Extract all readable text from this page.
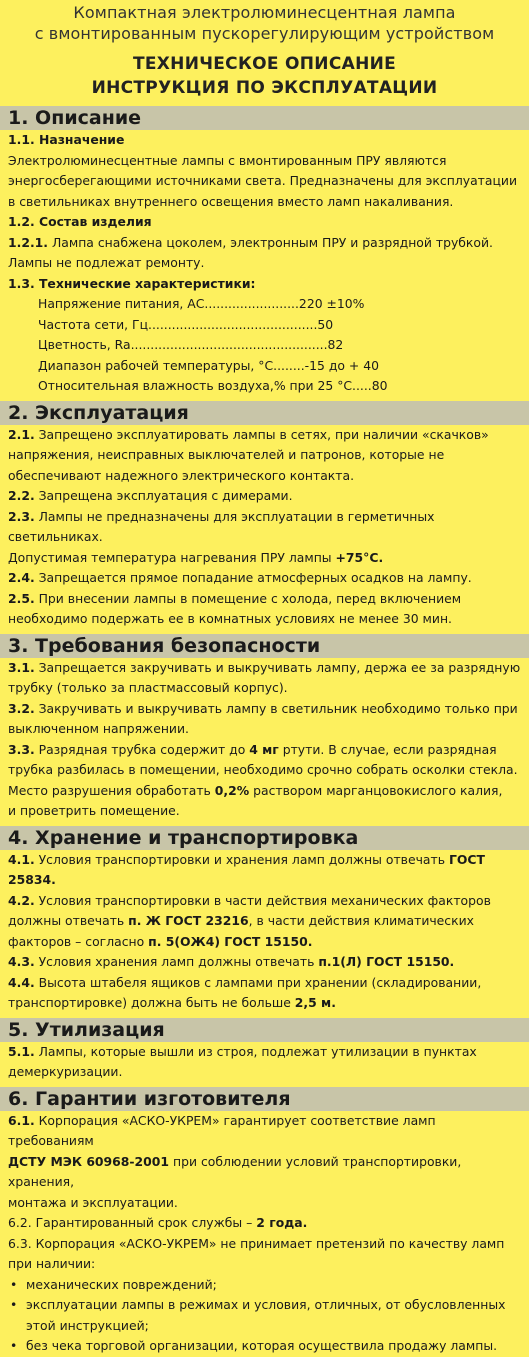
Компактная электролюминесцентная лампа
с вмонтированным пускорегулирующим устройством
ТЕХНИЧЕСКОЕ ОПИСАНИЕ
ИНСТРУКЦИЯ ПО ЭКСПЛУАТАЦИИ
1. Описание

1.1. Назначение

Электролюминесцентные лампы с вмонтированным ПРУ являются

энергосберегающими источниками света. Предназначены для эксплуатации

в светильниках внутреннего освещения вместо ламп накаливания.

1.2. Состав изделия

1.2.1. Лампа снабжена цоколем, электронным ПРУ и разрядной трубкой.

Лампы не подлежат ремонту.

1.3. Технические характеристики:

Напряжение питания, АС........................220 ±10%

Частота сети, Гц...........................................50

Цветность, Ra..................................................82

Диапазон рабочей температуры, °С........-15 до + 40

Относительная влажность воздуха,% при 25 °С.....80

2. Эксплуатация

2.1. Запрещено эксплуатировать лампы в сетях, при наличии «скачков»

напряжения, неисправных выключателей и патронов, которые не

обеспечивают надежного электрического контакта.

2.2. Запрещена эксплуатация с димерами.

2.3. Лампы не предназначены для эксплуатации в герметичных светильниках.

Допустимая температура нагревания ПРУ лампы +75°С.

2.4. Запрещается прямое попадание атмосферных осадков на лампу.

2.5. При внесении лампы в помещение с холода, перед включением

необходимо подержать ее в комнатных условиях не менее 30 мин.

3. Требования безопасности

3.1. Запрещается закручивать и выкручивать лампу, держа ее за разрядную

трубку (только за пластмассовый корпус).

3.2. Закручивать и выкручивать лампу в светильник необходимо только при

выключенном напряжении.

3.3. Разрядная трубка содержит до 4 мг ртути. В случае, если разрядная

трубка разбилась в помещении, необходимо срочно собрать осколки стекла.

Место разрушения обработать 0,2% раствором марганцовокислого калия,

и проветрить помещение.

4. Хранение и транспортировка

4.1. Условия транспортировки и хранения ламп должны отвечать ГОСТ 25834.

4.2. Условия транспортировки в части действия механических факторов

должны отвечать п. Ж ГОСТ 23216, в части действия климатических

факторов – согласно п. 5(ОЖ4) ГОСТ 15150.

4.3. Условия хранения ламп должны отвечать п.1(Л) ГОСТ 15150.

4.4. Высота штабеля ящиков с лампами при хранении (складировании,

транспортировке) должна быть не больше 2,5 м.

5. Утилизация

5.1. Лампы, которые вышли из строя, подлежат утилизации в пунктах

демеркуризации.

6. Гарантии изготовителя

6.1. Корпорация «АСКО-УКРЕМ» гарантирует соответствие ламп требованиям

ДСТУ МЭК 60968-2001 при соблюдении условий транспортировки, хранения,

монтажа и эксплуатации.

6.2. Гарантированный срок службы – 2 года.

6.3. Корпорация «АСКО-УКРЕМ» не принимает претензий по качеству ламп

при наличии:

• механических повреждений;
• эксплуатации лампы в режимах и условия, отличных, от обусловленных
этой инструкцией;
• без чека торговой организации, которая осуществила продажу лампы.
